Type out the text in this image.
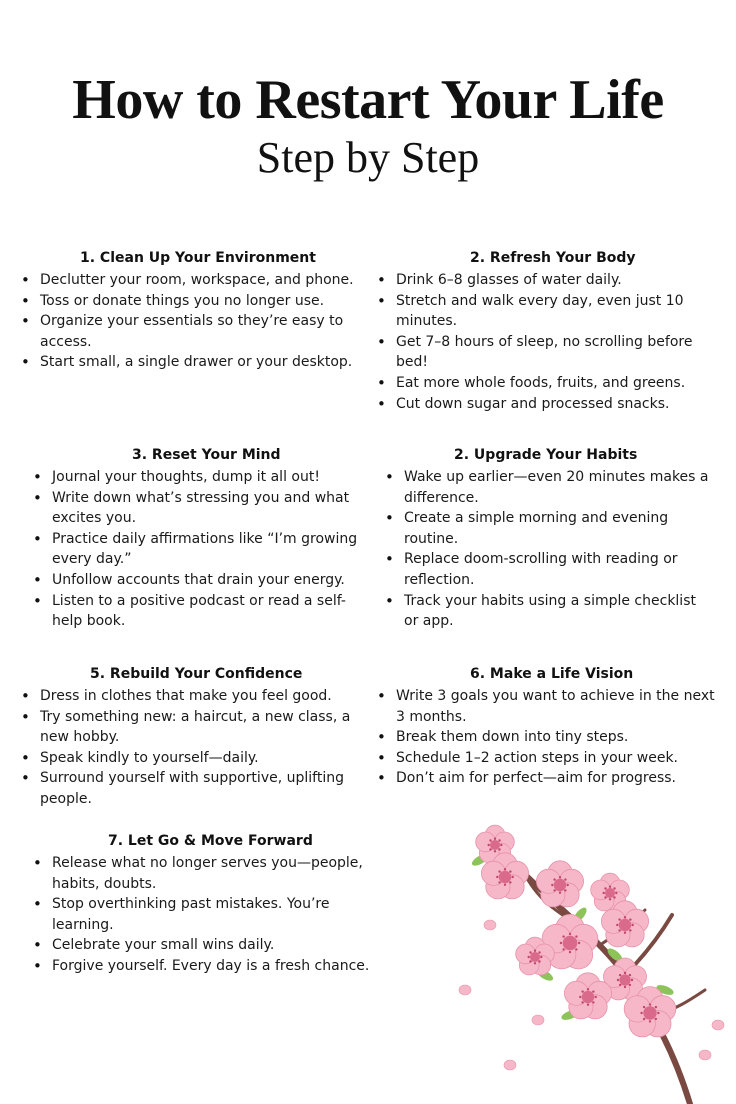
How to Restart Your Life
Step by Step
1. Clean Up Your Environment
• Declutter your room, workspace, and phone.
• Toss or donate things you no longer use.
• Organize your essentials so they’re easy to access.
• Start small, a single drawer or your desktop.
2. Refresh Your Body
• Drink 6–8 glasses of water daily.
• Stretch and walk every day, even just 10 minutes.
• Get 7–8 hours of sleep, no scrolling before bed!
• Eat more whole foods, fruits, and greens.
• Cut down sugar and processed snacks.
3. Reset Your Mind
• Journal your thoughts, dump it all out!
• Write down what’s stressing you and what excites you.
• Practice daily affirmations like “I’m growing every day.”
• Unfollow accounts that drain your energy.
• Listen to a positive podcast or read a self-help book.
2. Upgrade Your Habits
• Wake up earlier—even 20 minutes makes a difference.
• Create a simple morning and evening routine.
• Replace doom-scrolling with reading or reflection.
• Track your habits using a simple checklist or app.
5. Rebuild Your Confidence
• Dress in clothes that make you feel good.
• Try something new: a haircut, a new class, a new hobby.
• Speak kindly to yourself—daily.
• Surround yourself with supportive, uplifting people.
6. Make a Life Vision
• Write 3 goals you want to achieve in the next 3 months.
• Break them down into tiny steps.
• Schedule 1–2 action steps in your week.
• Don’t aim for perfect—aim for progress.
7. Let Go & Move Forward
• Release what no longer serves you—people, habits, doubts.
• Stop overthinking past mistakes. You’re learning.
• Celebrate your small wins daily.
• Forgive yourself. Every day is a fresh chance.
